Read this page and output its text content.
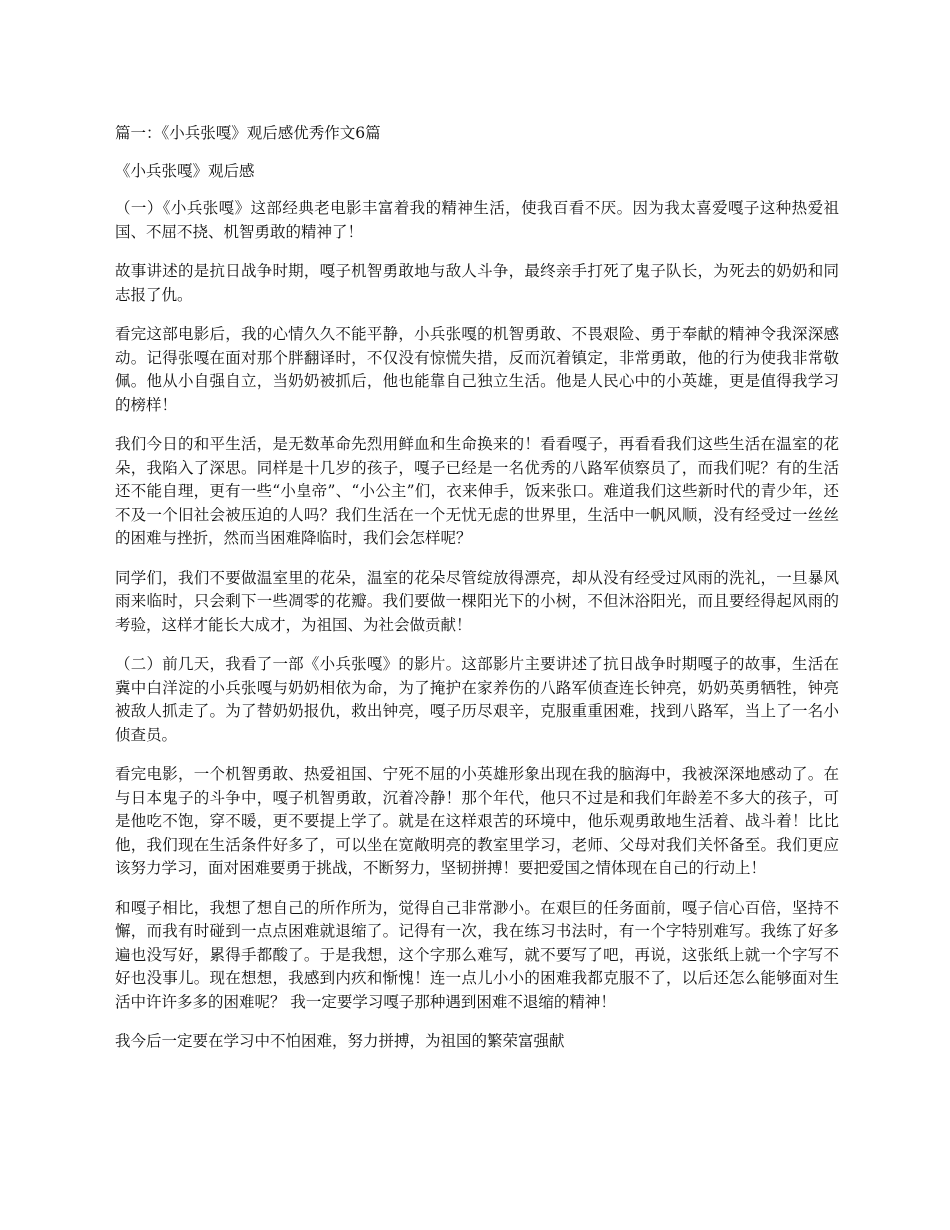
篇一：《小兵张嘎》观后感优秀作文6篇

《小兵张嘎》观后感

（一）《小兵张嘎》这部经典老电影丰富着我的精神生活，使我百看不厌。因为我太喜爱嘎子这种热爱祖国、不屈不挠、机智勇敢的精神了！

故事讲述的是抗日战争时期，嘎子机智勇敢地与敌人斗争，最终亲手打死了鬼子队长，为死去的奶奶和同志报了仇。

看完这部电影后，我的心情久久不能平静，小兵张嘎的机智勇敢、不畏艰险、勇于奉献的精神令我深深感动。记得张嘎在面对那个胖翻译时，不仅没有惊慌失措，反而沉着镇定，非常勇敢，他的行为使我非常敬佩。他从小自强自立，当奶奶被抓后，他也能靠自己独立生活。他是人民心中的小英雄，更是值得我学习的榜样！

我们今日的和平生活，是无数革命先烈用鲜血和生命换来的！看看嘎子，再看看我们这些生活在温室的花朵，我陷入了深思。同样是十几岁的孩子，嘎子已经是一名优秀的八路军侦察员了，而我们呢？有的生活还不能自理，更有一些“小皇帝”、“小公主”们，衣来伸手，饭来张口。难道我们这些新时代的青少年，还不及一个旧社会被压迫的人吗？我们生活在一个无忧无虑的世界里，生活中一帆风顺，没有经受过一丝丝的困难与挫折，然而当困难降临时，我们会怎样呢？

同学们，我们不要做温室里的花朵，温室的花朵尽管绽放得漂亮，却从没有经受过风雨的洗礼，一旦暴风雨来临时，只会剩下一些凋零的花瓣。我们要做一棵阳光下的小树，不但沐浴阳光，而且要经得起风雨的考验，这样才能长大成才，为祖国、为社会做贡献！

（二）前几天，我看了一部《小兵张嘎》的影片。这部影片主要讲述了抗日战争时期嘎子的故事，生活在冀中白洋淀的小兵张嘎与奶奶相依为命，为了掩护在家养伤的八路军侦查连长钟亮，奶奶英勇牺牲，钟亮被敌人抓走了。为了替奶奶报仇，救出钟亮，嘎子历尽艰辛，克服重重困难，找到八路军，当上了一名小侦查员。

看完电影，一个机智勇敢、热爱祖国、宁死不屈的小英雄形象出现在我的脑海中，我被深深地感动了。在与日本鬼子的斗争中，嘎子机智勇敢，沉着冷静！那个年代，他只不过是和我们年龄差不多大的孩子，可是他吃不饱，穿不暖，更不要提上学了。就是在这样艰苦的环境中，他乐观勇敢地生活着、战斗着！比比他，我们现在生活条件好多了，可以坐在宽敞明亮的教室里学习，老师、父母对我们关怀备至。我们更应该努力学习，面对困难要勇于挑战，不断努力，坚韧拼搏！要把爱国之情体现在自己的行动上！

和嘎子相比，我想了想自己的所作所为，觉得自己非常渺小。在艰巨的任务面前，嘎子信心百倍，坚持不懈，而我有时碰到一点点困难就退缩了。记得有一次，我在练习书法时，有一个字特别难写。我练了好多遍也没写好，累得手都酸了。于是我想，这个字那么难写，就不要写了吧，再说，这张纸上就一个字写不好也没事儿。现在想想，我感到内疚和惭愧！连一点儿小小的困难我都克服不了，以后还怎么能够面对生活中许许多多的困难呢？ 我一定要学习嘎子那种遇到困难不退缩的精神！

我今后一定要在学习中不怕困难，努力拼搏，为祖国的繁荣富强献
